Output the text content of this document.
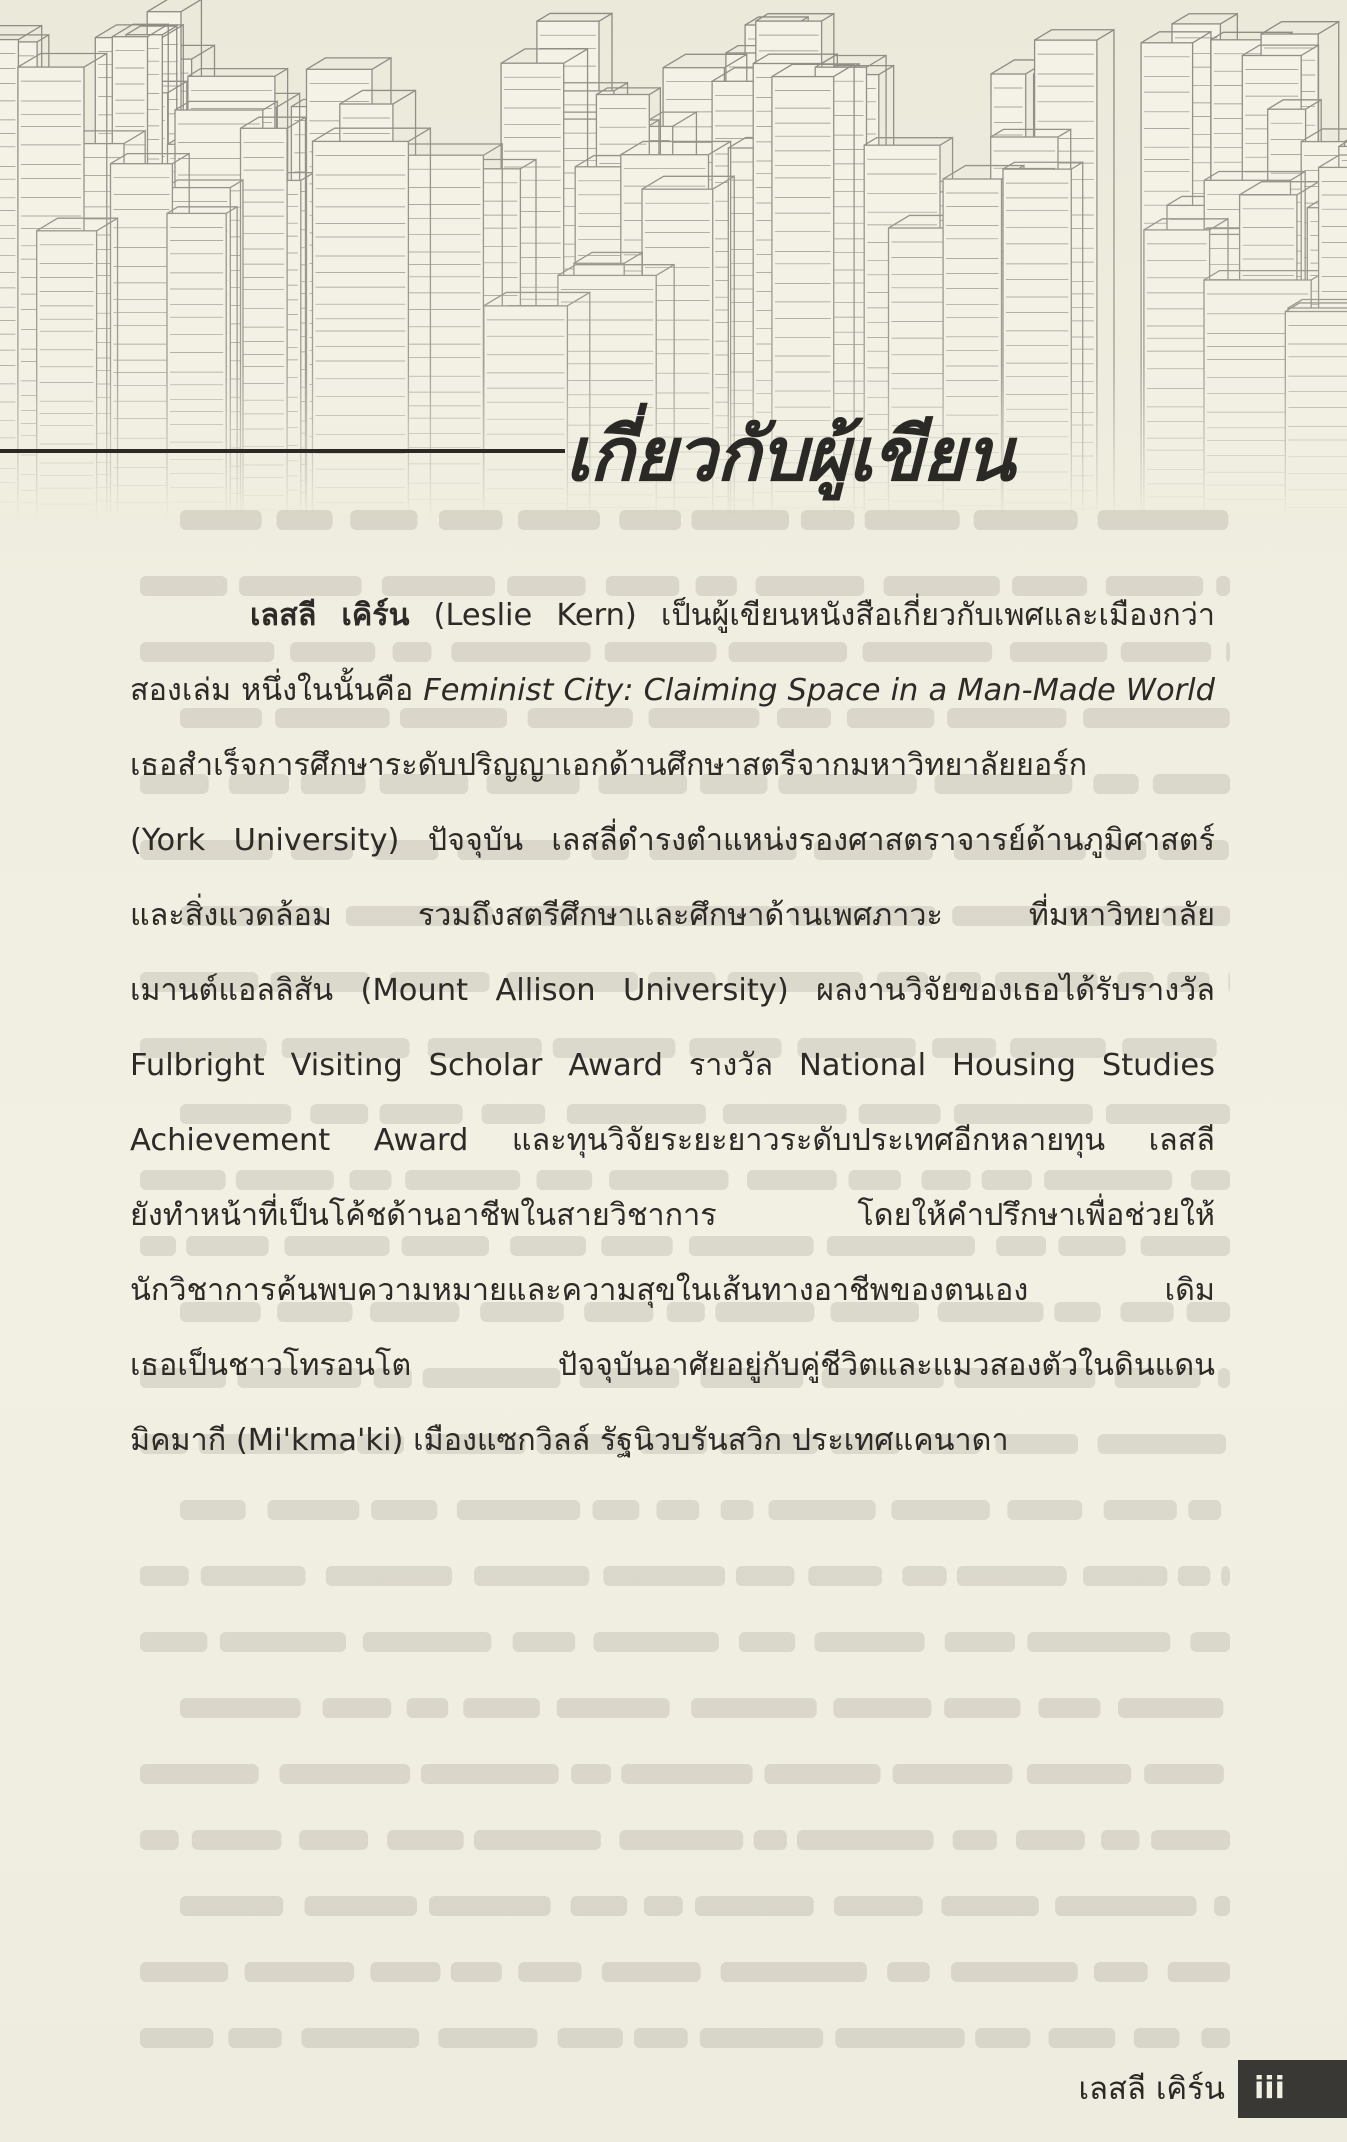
เกี่ยวกับผู้เขียน
เลสลี เคิร์น (Leslie Kern) เป็นผู้เขียนหนังสือเกี่ยวกับเพศและเมืองกว่า
สองเล่ม หนึ่งในนั้นคือ Feminist City: Claiming Space in a Man-Made World
เธอสำเร็จการศึกษาระดับปริญญาเอกด้านศึกษาสตรีจากมหาวิทยาลัยยอร์ก
(York University) ปัจจุบัน เลสลี่ดำรงตำแหน่งรองศาสตราจารย์ด้านภูมิศาสตร์
และสิ่งแวดล้อม รวมถึงสตรีศึกษาและศึกษาด้านเพศภาวะ ที่มหาวิทยาลัย
เมานต์แอลลิสัน (Mount Allison University) ผลงานวิจัยของเธอได้รับรางวัล
Fulbright Visiting Scholar Award รางวัล National Housing Studies
Achievement Award และทุนวิจัยระยะยาวระดับประเทศอีกหลายทุน เลสลี
ยังทำหน้าที่เป็นโค้ชด้านอาชีพในสายวิชาการ โดยให้คำปรึกษาเพื่อช่วยให้
นักวิชาการค้นพบความหมายและความสุขในเส้นทางอาชีพของตนเอง เดิม
เธอเป็นชาวโทรอนโต ปัจจุบันอาศัยอยู่กับคู่ชีวิตและแมวสองตัวในดินแดน
มิคมากี (Mi'kma'ki) เมืองแซกวิลล์ รัฐนิวบรันสวิก ประเทศแคนาดา
เลสลี เคิร์น iii
